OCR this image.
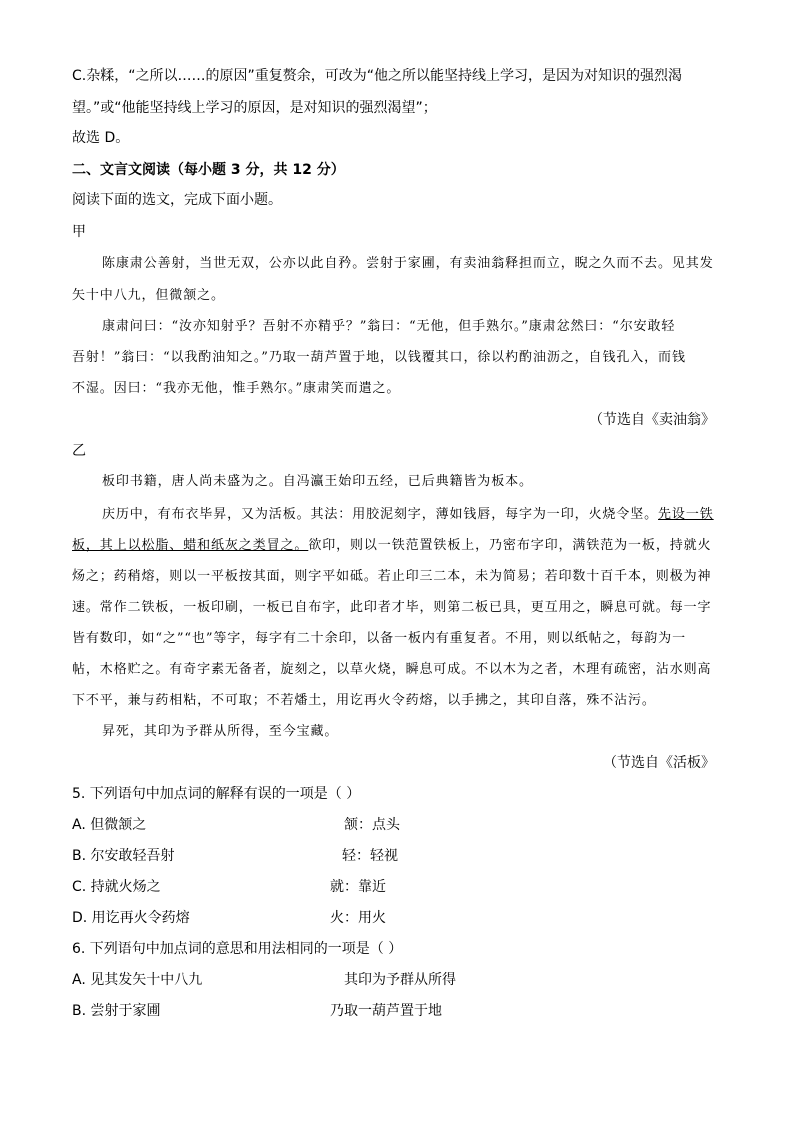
C.杂糅，“之所以……的原因”重复赘余，可改为“他之所以能坚持线上学习，是因为对知识的强烈渴
望。”或“他能坚持线上学习的原因，是对知识的强烈渴望”；
故选 D。
二、文言文阅读（每小题 3 分，共 12 分）
阅读下面的选文，完成下面小题。
甲
陈康肃公善射，当世无双，公亦以此自矜。尝射于家圃，有卖油翁释担而立，睨之久而不去。见其发
矢十中八九，但微颔之。
康肃问曰：“汝亦知射乎？吾射不亦精乎？”翁曰：“无他，但手熟尔。”康肃忿然曰：“尔安敢轻
吾射！”翁曰：“以我酌油知之。”乃取一葫芦置于地，以钱覆其口，徐以杓酌油沥之，自钱孔入，而钱
不湿。因曰：“我亦无他，惟手熟尔。”康肃笑而遣之。
（节选自《卖油翁》
乙
板印书籍，唐人尚未盛为之。自冯瀛王始印五经，已后典籍皆为板本。
庆历中，有布衣毕昇，又为活板。其法：用胶泥刻字，薄如钱唇，每字为一印，火烧令坚。先设一铁
板，其上以松脂、蜡和纸灰之类冒之。欲印，则以一铁范置铁板上，乃密布字印，满铁范为一板，持就火
炀之；药稍熔，则以一平板按其面，则字平如砥。若止印三二本，未为简易；若印数十百千本，则极为神
速。常作二铁板，一板印刷，一板已自布字，此印者才毕，则第二板已具，更互用之，瞬息可就。每一字
皆有数印，如“之”“也”等字，每字有二十余印，以备一板内有重复者。不用，则以纸帖之，每韵为一
帖，木格贮之。有奇字素无备者，旋刻之，以草火烧，瞬息可成。不以木为之者，木理有疏密，沾水则高
下不平，兼与药相粘，不可取；不若燔土，用讫再火令药熔，以手拂之，其印自落，殊不沾污。
昇死，其印为予群从所得，至今宝藏。
（节选自《活板》
5. 下列语句中加点词的解释有误的一项是（ ）
A. 但微颔之	颔：点头
B. 尔安敢轻吾射	轻：轻视
C. 持就火炀之	就：靠近
D. 用讫再火令药熔	火：用火
6. 下列语句中加点词的意思和用法相同的一项是（ ）
A. 见其发矢十中八九	其印为予群从所得
B. 尝射于家圃	乃取一葫芦置于地
